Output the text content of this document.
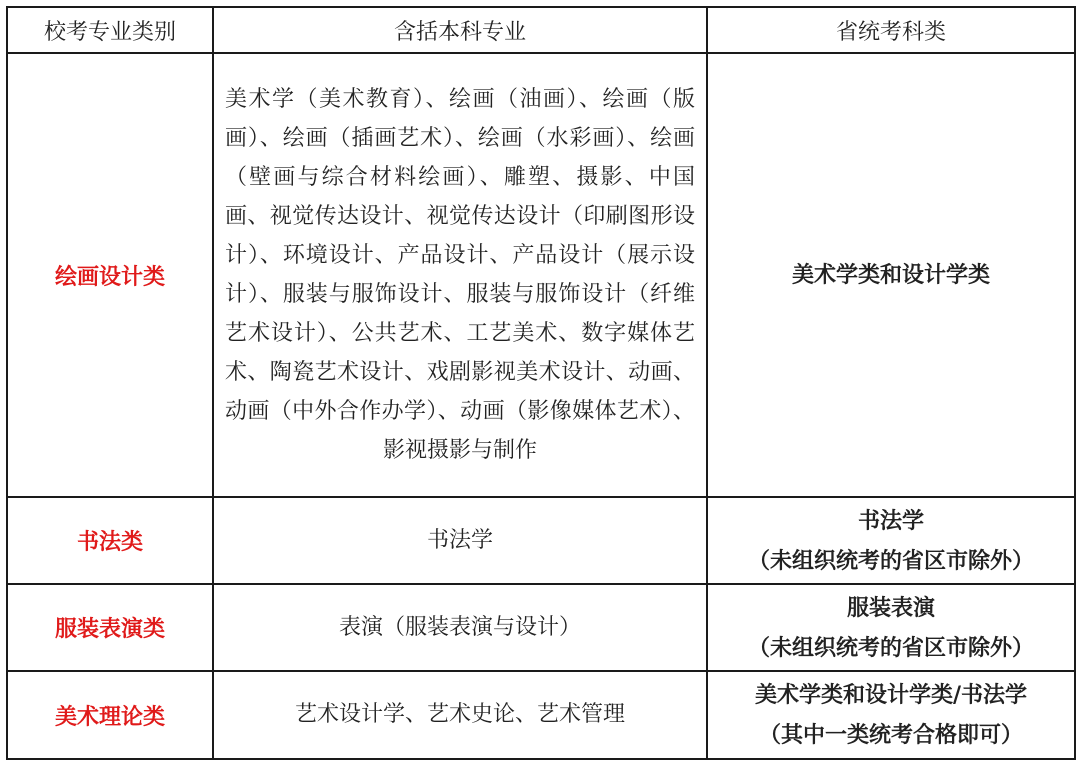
校考专业类别	含括本科专业	省统考科类
绘画设计类	美术学（美术教育）、绘画（油画）、绘画（版画）、绘画（插画艺术）、绘画（水彩画）、绘画（壁画与综合材料绘画）、雕塑、摄影、中国画、视觉传达设计、视觉传达设计（印刷图形设计）、环境设计、产品设计、产品设计（展示设计）、服装与服饰设计、服装与服饰设计（纤维艺术设计）、公共艺术、工艺美术、数字媒体艺术、陶瓷艺术设计、戏剧影视美术设计、动画、动画（中外合作办学）、动画（影像媒体艺术）、影视摄影与制作	美术学类和设计学类

书法类	书法学	书法学
（未组织统考的省区市除外）

服装表演类	表演（服装表演与设计）	服装表演
（未组织统考的省区市除外）

美术理论类	艺术设计学、艺术史论、艺术管理	美术学类和设计学类/书法学
（其中一类统考合格即可）
